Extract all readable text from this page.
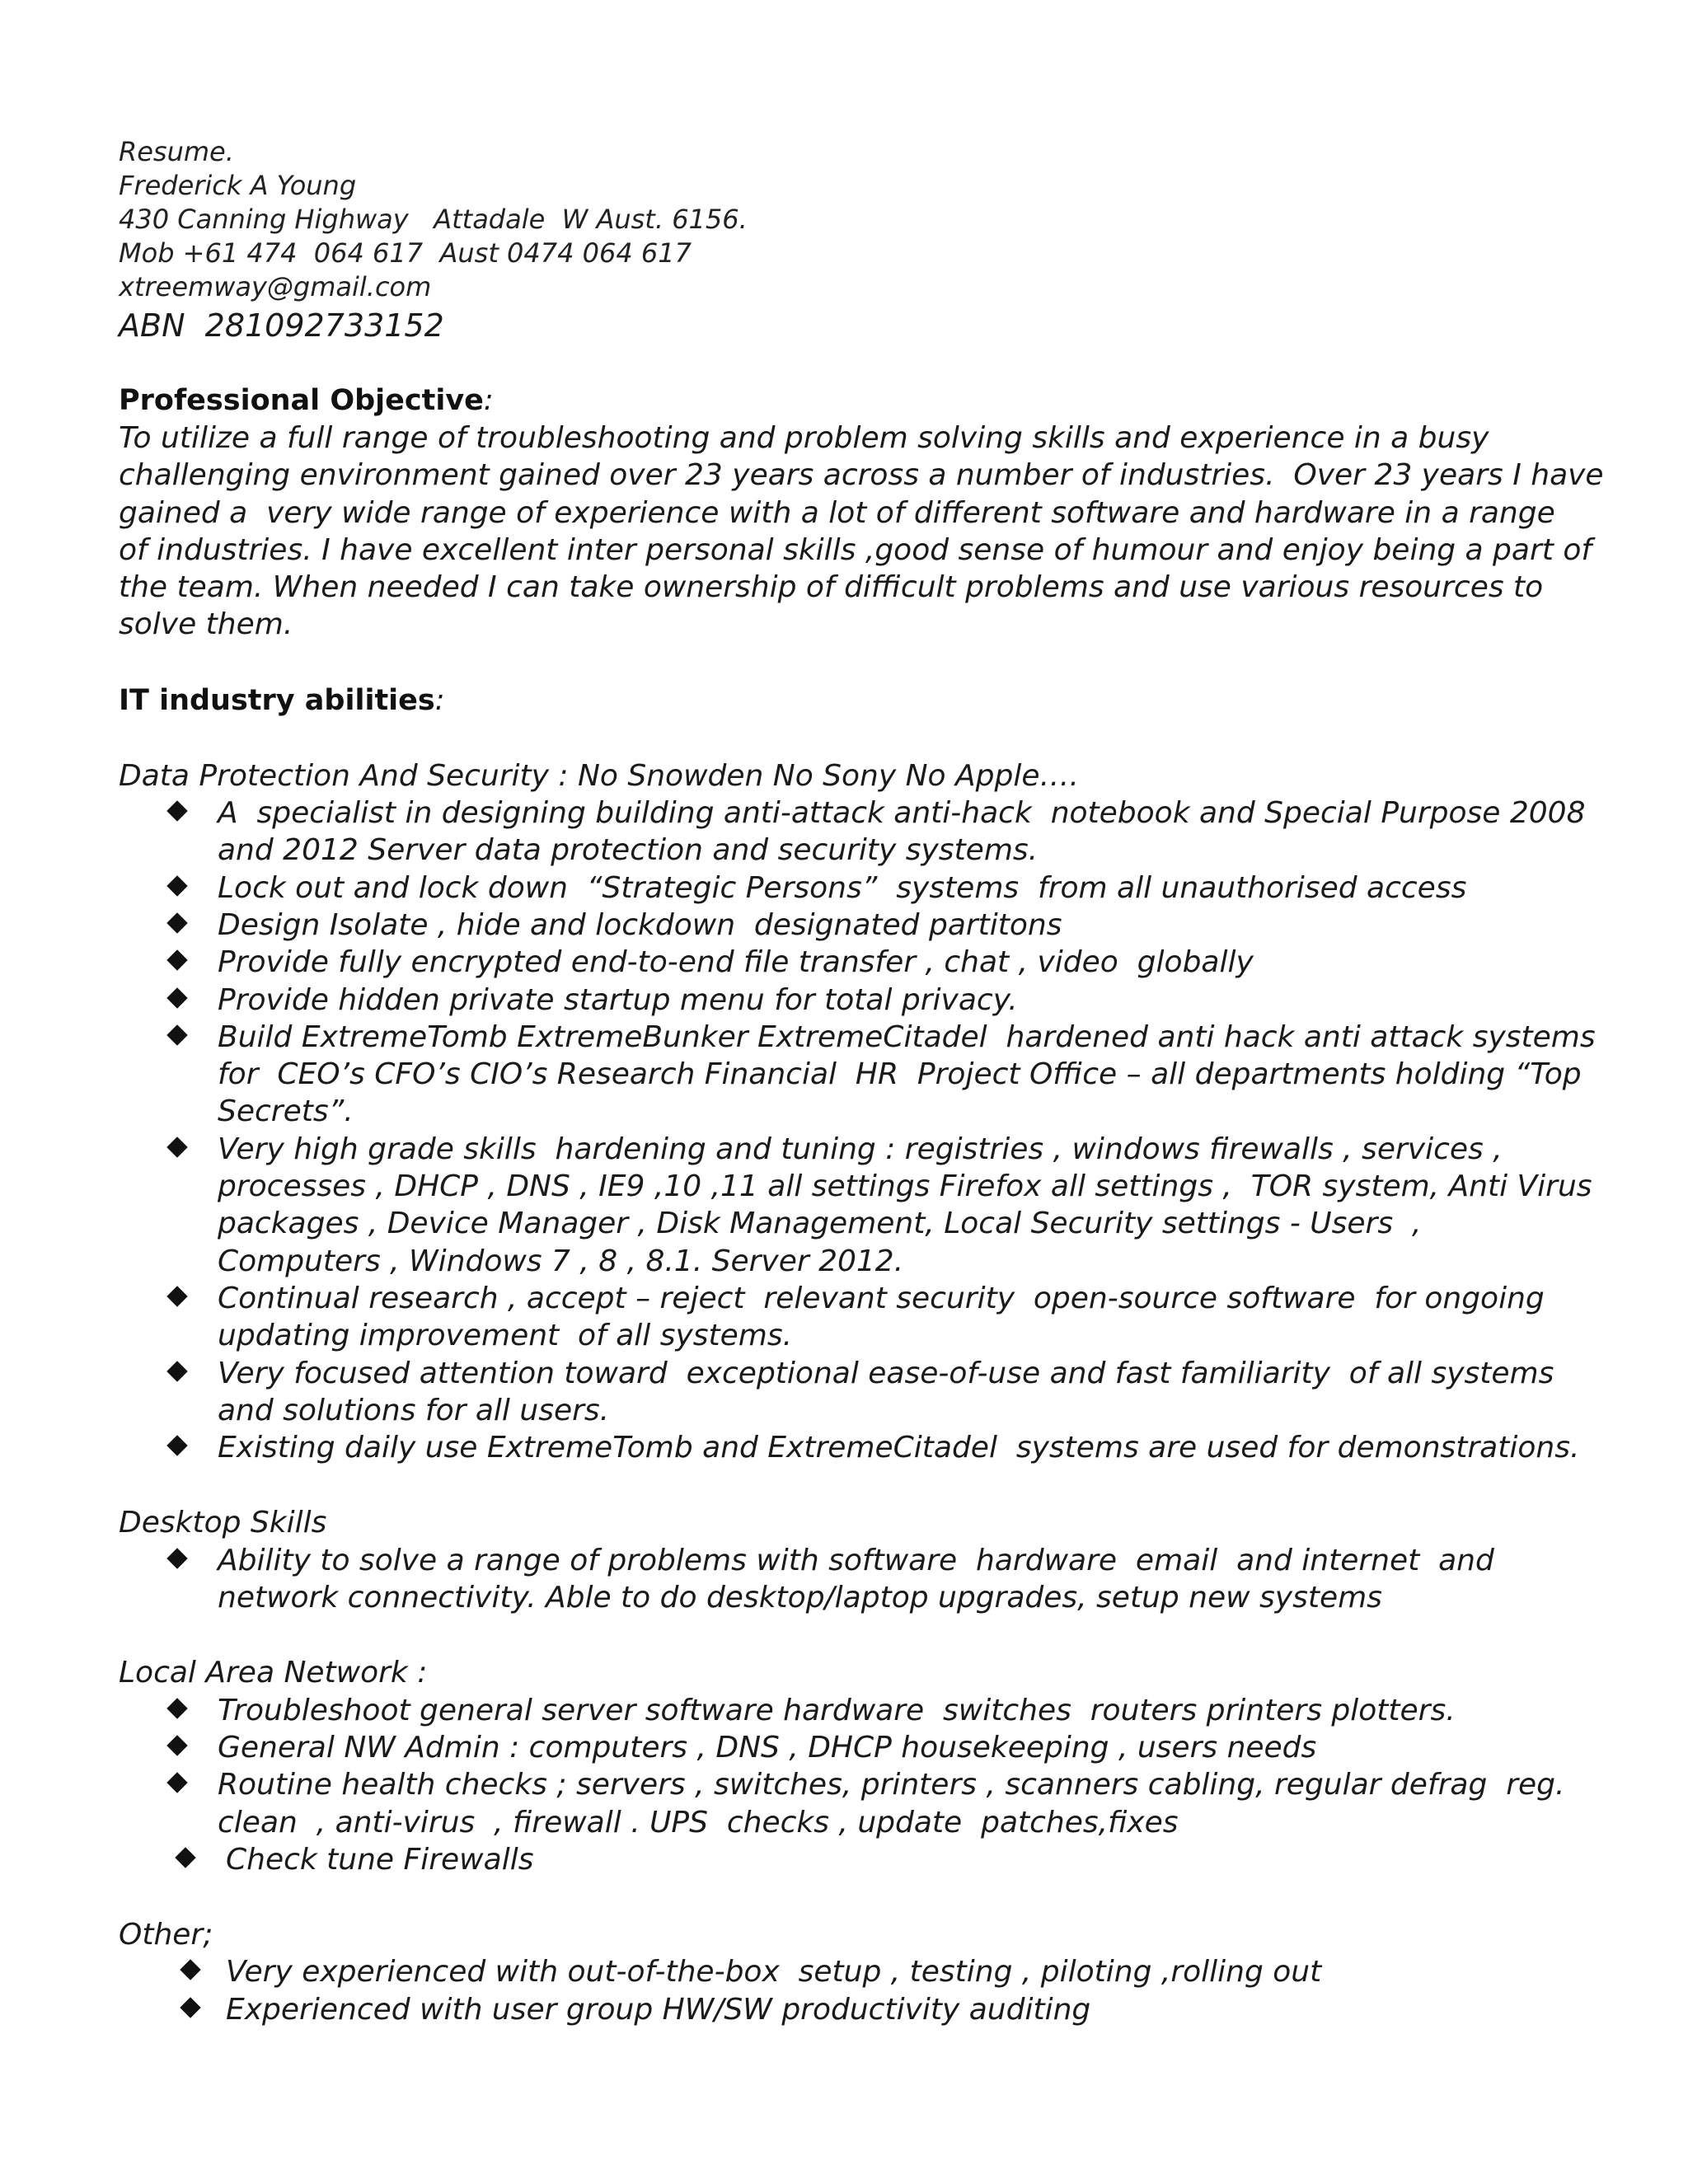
Resume.
Frederick A Young
430 Canning Highway   Attadale  W Aust. 6156.
Mob +61 474  064 617  Aust 0474 064 617
xtreemway@gmail.com
ABN  281092733152
Professional Objective:
To utilize a full range of troubleshooting and problem solving skills and experience in a busy
challenging environment gained over 23 years across a number of industries.  Over 23 years I have
gained a  very wide range of experience with a lot of different software and hardware in a range
of industries. I have excellent inter personal skills ,good sense of humour and enjoy being a part of
the team. When needed I can take ownership of difficult problems and use various resources to
solve them.
IT industry abilities:
Data Protection And Security : No Snowden No Sony No Apple….
A  specialist in designing building anti-attack anti-hack  notebook and Special Purpose 2008
and 2012 Server data protection and security systems.
Lock out and lock down  “Strategic Persons”  systems  from all unauthorised access
Design Isolate , hide and lockdown  designated partitons
Provide fully encrypted end-to-end file transfer , chat , video  globally
Provide hidden private startup menu for total privacy.
Build ExtremeTomb ExtremeBunker ExtremeCitadel  hardened anti hack anti attack systems
for  CEO’s CFO’s CIO’s Research Financial  HR  Project Office – all departments holding “Top
Secrets”.
Very high grade skills  hardening and tuning : registries , windows firewalls , services ,
processes , DHCP , DNS , IE9 ,10 ,11 all settings Firefox all settings ,  TOR system, Anti Virus
packages , Device Manager , Disk Management, Local Security settings - Users  ,
Computers , Windows 7 , 8 , 8.1. Server 2012.
Continual research , accept – reject  relevant security  open-source software  for ongoing
updating improvement  of all systems.
Very focused attention toward  exceptional ease-of-use and fast familiarity  of all systems
and solutions for all users.
Existing daily use ExtremeTomb and ExtremeCitadel  systems are used for demonstrations.
Desktop Skills
Ability to solve a range of problems with software  hardware  email  and internet  and
network connectivity. Able to do desktop/laptop upgrades, setup new systems
Local Area Network :
Troubleshoot general server software hardware  switches  routers printers plotters.
General NW Admin : computers , DNS , DHCP housekeeping , users needs
Routine health checks ; servers , switches, printers , scanners cabling, regular defrag  reg.
clean  , anti-virus  , firewall . UPS  checks , update  patches,fixes
Check tune Firewalls
Other;
Very experienced with out-of-the-box  setup , testing , piloting ,rolling out
Experienced with user group HW/SW productivity auditing
